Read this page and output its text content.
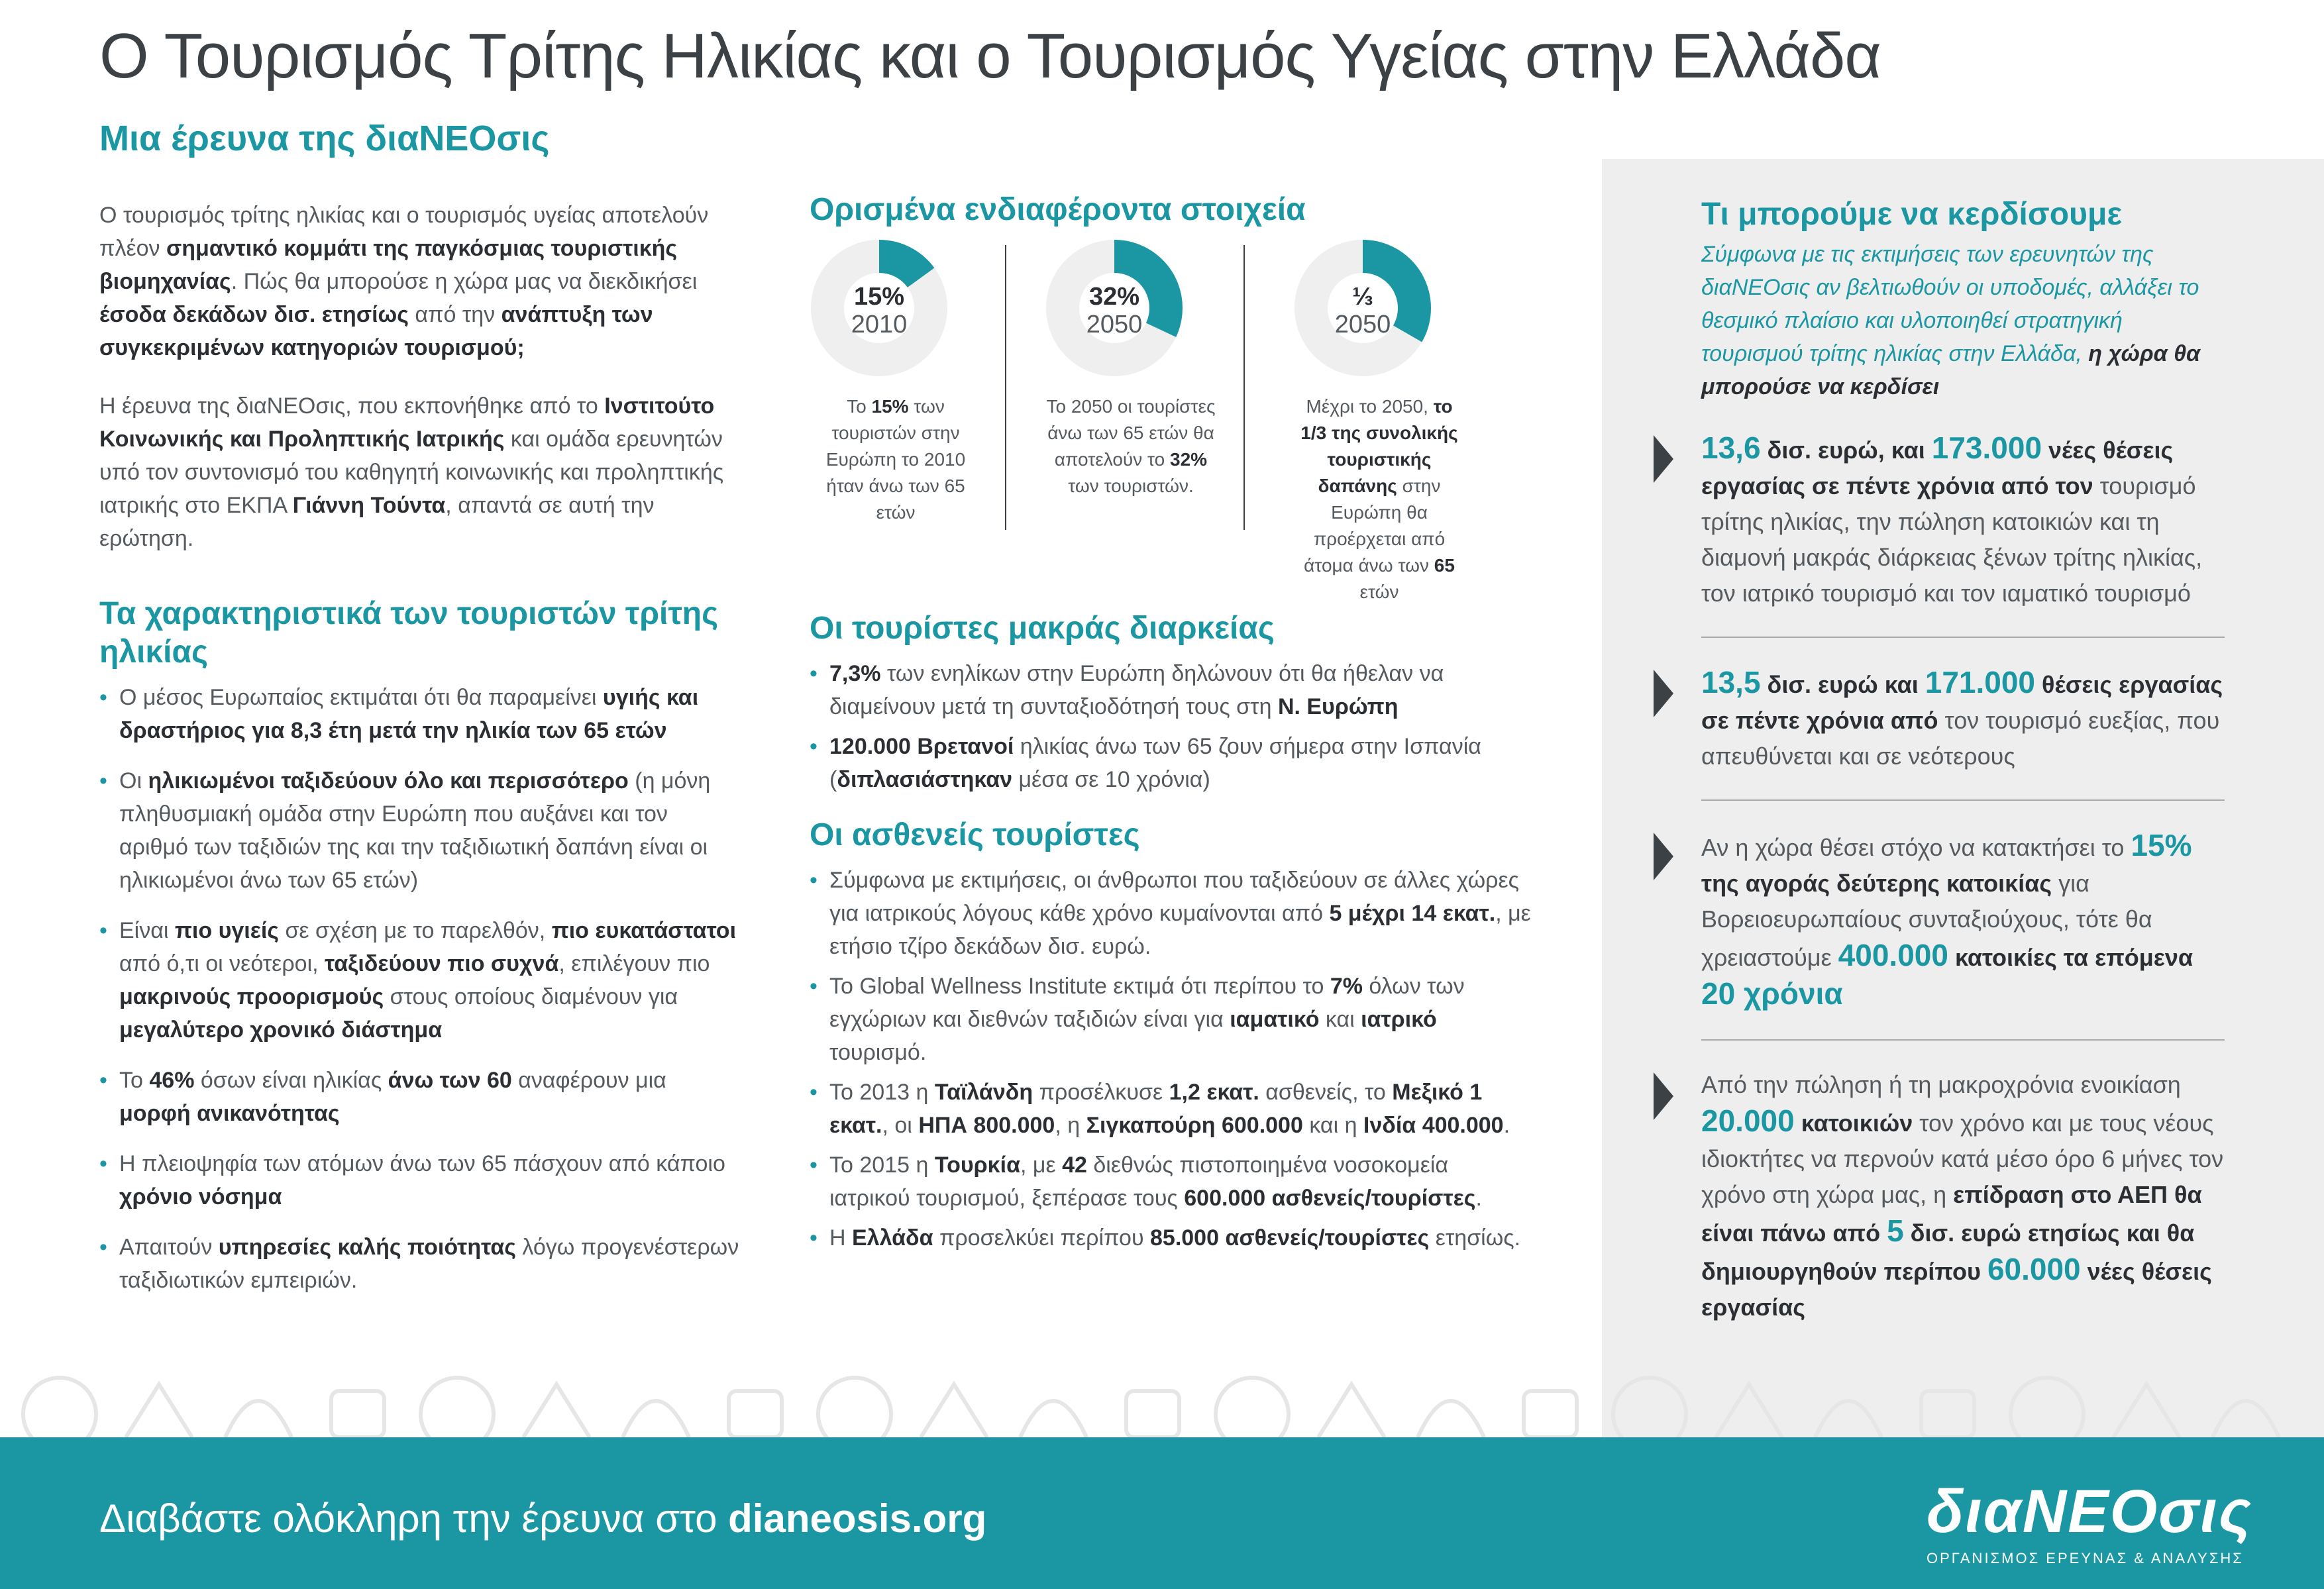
Ο Τουρισμός Τρίτης Ηλικίας και ο Τουρισμός Υγείας στην Ελλάδα
Μια έρευνα της διαΝΕΟσις

Ο τουρισμός τρίτης ηλικίας και ο τουρισμός υγείας αποτελούν πλέον σημαντικό κομμάτι της παγκόσμιας τουριστικής βιομηχανίας. Πώς θα μπορούσε η χώρα μας να διεκδικήσει έσοδα δεκάδων δισ. ετησίως από την ανάπτυξη των συγκεκριμένων κατηγοριών τουρισμού;

Η έρευνα της διαΝΕΟσις, που εκπονήθηκε από το Ινστιτούτο Κοινωνικής και Προληπτικής Ιατρικής και ομάδα ερευνητών υπό τον συντονισμό του καθηγητή κοινωνικής και προληπτικής ιατρικής στο ΕΚΠΑ Γιάννη Τούντα, απαντά σε αυτή την ερώτηση.

Τα χαρακτηριστικά των τουριστών τρίτης ηλικίας
• Ο μέσος Ευρωπαίος εκτιμάται ότι θα παραμείνει υγιής και δραστήριος για 8,3 έτη μετά την ηλικία των 65 ετών
• Οι ηλικιωμένοι ταξιδεύουν όλο και περισσότερο (η μόνη πληθυσμιακή ομάδα στην Ευρώπη που αυξάνει και τον αριθμό των ταξιδιών της και την ταξιδιωτική δαπάνη είναι οι ηλικιωμένοι άνω των 65 ετών)
• Είναι πιο υγιείς σε σχέση με το παρελθόν, πιο ευκατάστατοι από ό,τι οι νεότεροι, ταξιδεύουν πιο συχνά, επιλέγουν πιο μακρινούς προορισμούς στους οποίους διαμένουν για μεγαλύτερο χρονικό διάστημα
• Το 46% όσων είναι ηλικίας άνω των 60 αναφέρουν μια μορφή ανικανότητας
• Η πλειοψηφία των ατόμων άνω των 65 πάσχουν από κάποιο χρόνιο νόσημα
• Απαιτούν υπηρεσίες καλής ποιότητας λόγω προγενέστερων ταξιδιωτικών εμπειριών.
Ορισμένα ενδιαφέροντα στοιχεία
15%
2010
Το 15% των τουριστών στην Ευρώπη το 2010 ήταν άνω των 65 ετών
32%
2050
Το 2050 οι τουρίστες άνω των 65 ετών θα αποτελούν το 32% των τουριστών.
⅓
2050
Μέχρι το 2050, το 1/3 της συνολικής τουριστικής δαπάνης στην Ευρώπη θα προέρχεται από άτομα άνω των 65 ετών
Οι τουρίστες μακράς διαρκείας
• 7,3% των ενηλίκων στην Ευρώπη δηλώνουν ότι θα ήθελαν να διαμείνουν μετά τη συνταξιοδότησή τους στη Ν. Ευρώπη
• 120.000 Βρετανοί ηλικίας άνω των 65 ζουν σήμερα στην Ισπανία (διπλασιάστηκαν μέσα σε 10 χρόνια)
Οι ασθενείς τουρίστες
• Σύμφωνα με εκτιμήσεις, οι άνθρωποι που ταξιδεύουν σε άλλες χώρες για ιατρικούς λόγους κάθε χρόνο κυμαίνονται από 5 μέχρι 14 εκατ., με ετήσιο τζίρο δεκάδων δισ. ευρώ.
• Το Global Wellness Institute εκτιμά ότι περίπου το 7% όλων των εγχώριων και διεθνών ταξιδιών είναι για ιαματικό και ιατρικό τουρισμό.
• Το 2013 η Ταϊλάνδη προσέλκυσε 1,2 εκατ. ασθενείς, το Μεξικό 1 εκατ., οι ΗΠΑ 800.000, η Σιγκαπούρη 600.000 και η Ινδία 400.000.
• Το 2015 η Τουρκία, με 42 διεθνώς πιστοποιημένα νοσοκομεία ιατρικού τουρισμού, ξεπέρασε τους 600.000 ασθενείς/τουρίστες.
• Η Ελλάδα προσελκύει περίπου 85.000 ασθενείς/τουρίστες ετησίως.
Τι μπορούμε να κερδίσουμε

Σύμφωνα με τις εκτιμήσεις των ερευνητών της διαΝΕΟσις αν βελτιωθούν οι υποδομές, αλλάξει το θεσμικό πλαίσιο και υλοποιηθεί στρατηγική τουρισμού τρίτης ηλικίας στην Ελλάδα, η χώρα θα μπορούσε να κερδίσει

13,6 δισ. ευρώ, και 173.000 νέες θέσεις εργασίας σε πέντε χρόνια από τον τουρισμό τρίτης ηλικίας, την πώληση κατοικιών και τη διαμονή μακράς διάρκειας ξένων τρίτης ηλικίας, τον ιατρικό τουρισμό και τον ιαματικό τουρισμό
13,5 δισ. ευρώ και 171.000 θέσεις εργασίας σε πέντε χρόνια από τον τουρισμό ευεξίας, που απευθύνεται και σε νεότερους
Αν η χώρα θέσει στόχο να κατακτήσει το 15% της αγοράς δεύτερης κατοικίας για Βορειοευρωπαίους συνταξιούχους, τότε θα χρειαστούμε 400.000 κατοικίες τα επόμενα 20 χρόνια
Από την πώληση ή τη μακροχρόνια ενοικίαση 20.000 κατοικιών τον χρόνο και με τους νέους ιδιοκτήτες να περνούν κατά μέσο όρο 6 μήνες τον χρόνο στη χώρα μας, η επίδραση στο ΑΕΠ θα είναι πάνω από 5 δισ. ευρώ ετησίως και θα δημιουργηθούν περίπου 60.000 νέες θέσεις εργασίας
Διαβάστε ολόκληρη την έρευνα στο dianeosis.org	διαΝΕΟσις
ΟΡΓΑΝΙΣΜΟΣ ΕΡΕΥΝΑΣ & ΑΝΑΛΥΣΗΣ
